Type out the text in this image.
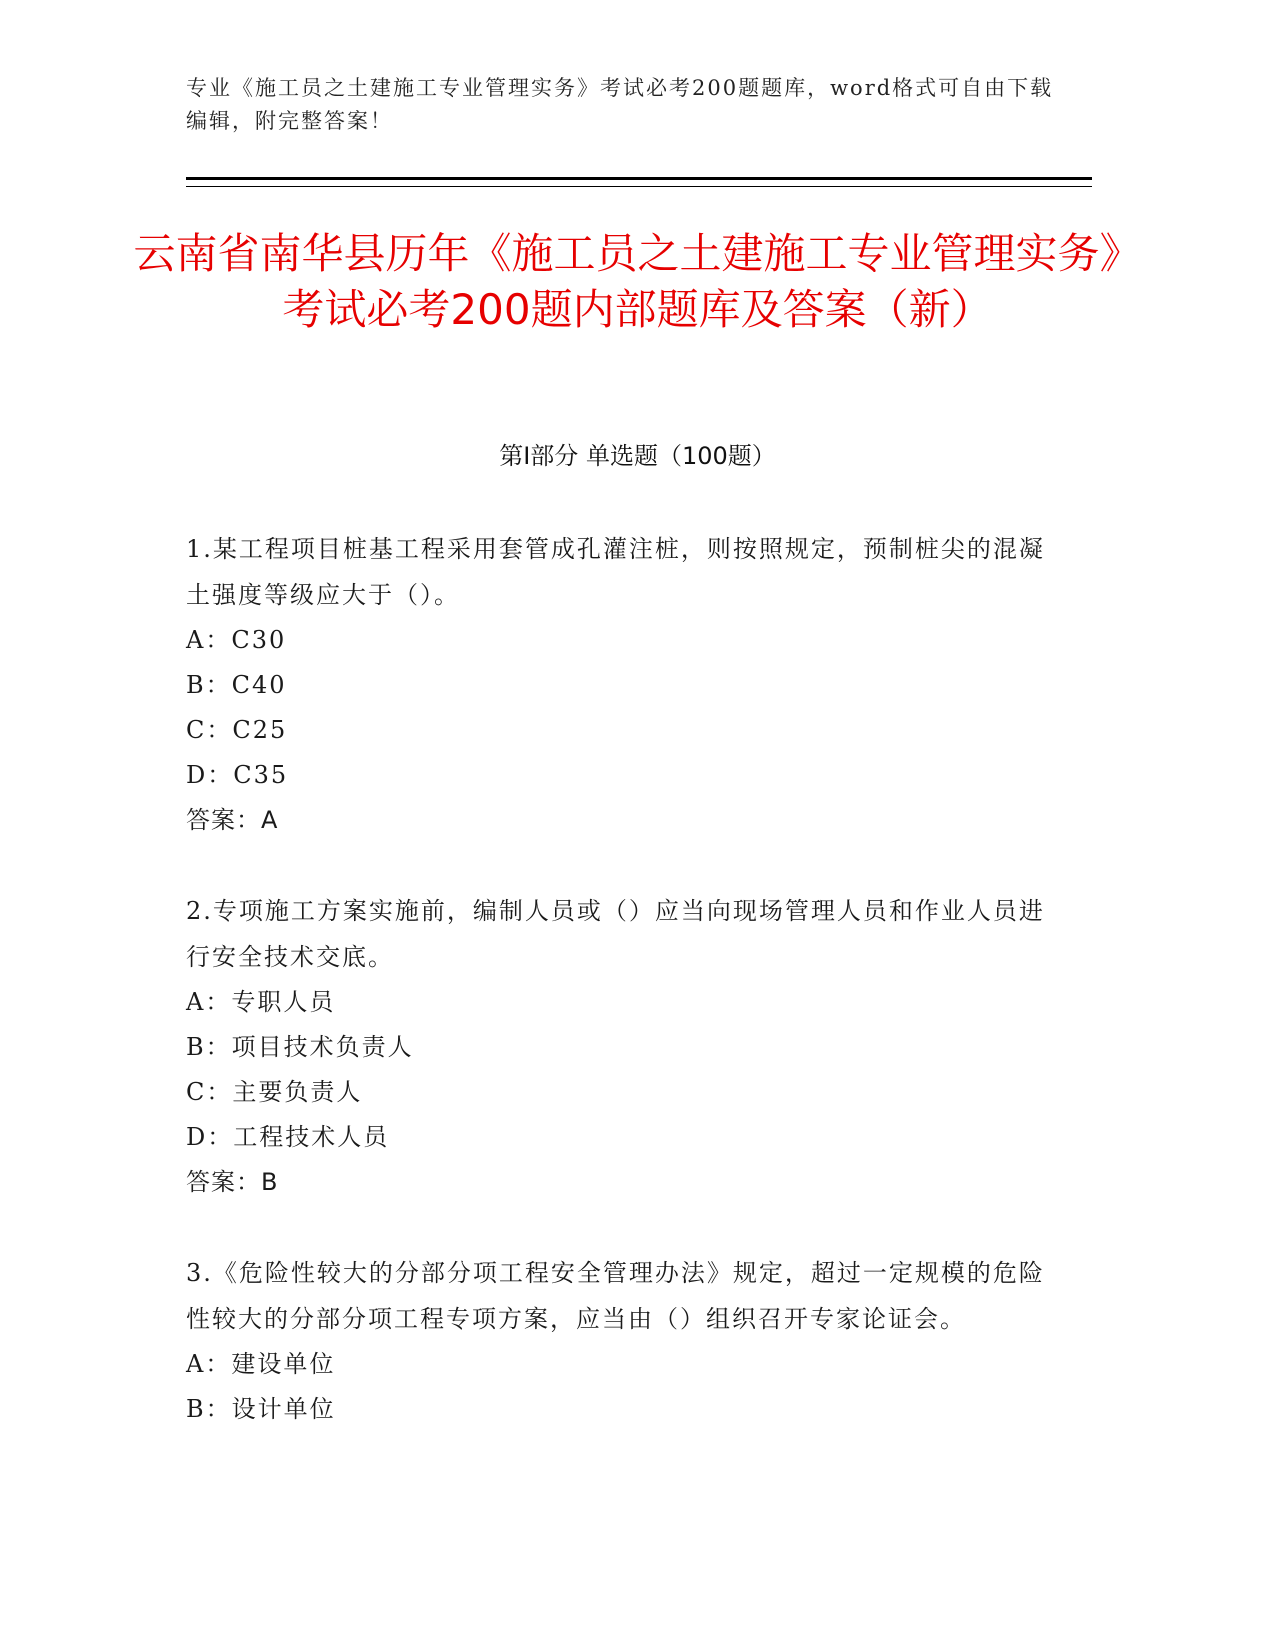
专业《施工员之土建施工专业管理实务》考试必考200题题库，word格式可自由下载编辑，附完整答案！
云南省南华县历年《施工员之土建施工专业管理实务》考试必考200题内部题库及答案（新）
第Ⅰ部分 单选题（100题）

1.某工程项目桩基工程采用套管成孔灌注桩，则按照规定，预制桩尖的混凝土强度等级应大于（）。

A：C30

B：C40

C：C25

D：C35

答案：A

2.专项施工方案实施前，编制人员或（）应当向现场管理人员和作业人员进行安全技术交底。

A：专职人员

B：项目技术负责人

C：主要负责人

D：工程技术人员

答案：B

3.《危险性较大的分部分项工程安全管理办法》规定，超过一定规模的危险性较大的分部分项工程专项方案，应当由（）组织召开专家论证会。

A：建设单位

B：设计单位
